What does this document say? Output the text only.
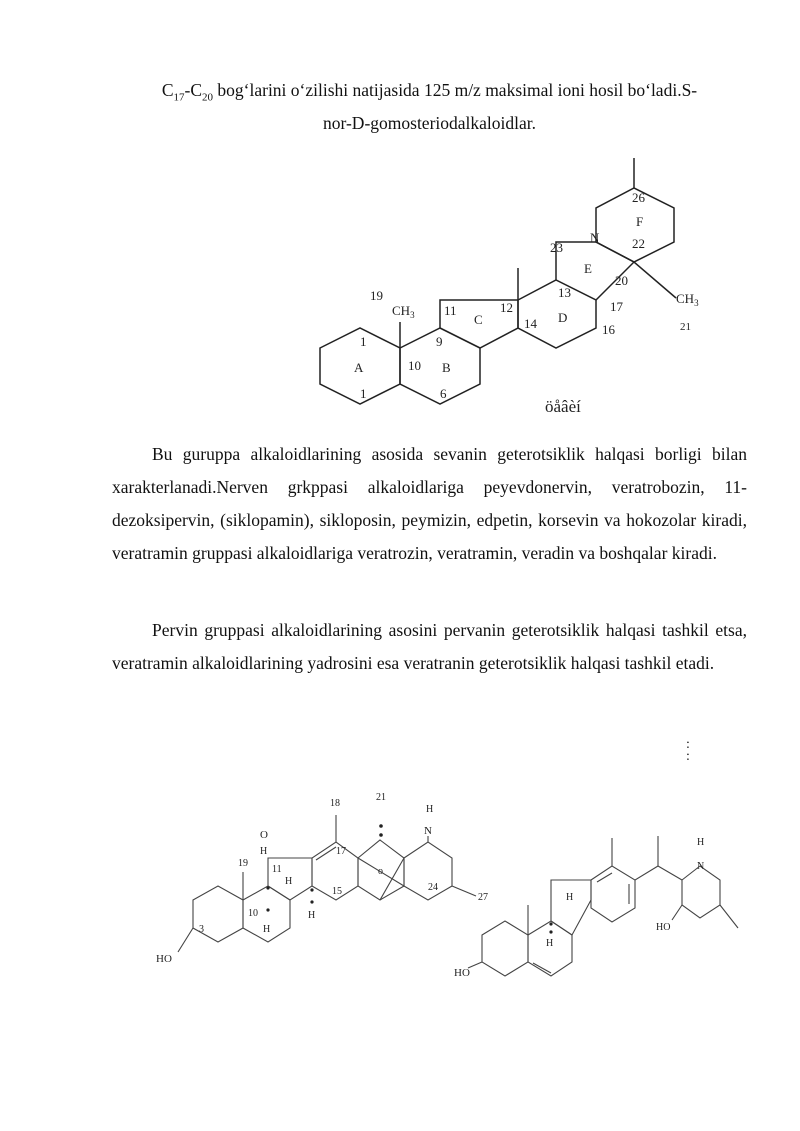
$C_{17}-C_{20}$ bog‘larini o‘zilishi natijasida 125 m/z maksimal ioni hosil bo‘ladi.S-

nor-D-gomosteriodalkaloidlar.

19
$CH_3$ 11
C
12
13
14 D
17
16
20
E
23
N	22
F
26
$CH_3$
21
1	9
10
A	B
1	6
öåâèí

Bu guruppa alkaloidlarining asosida sevanin geterotsiklik halqasi borligi bilan xarakterlanadi.Nerven grkppasi alkaloidlariga peyevdonervin, veratrobozin, 11-dezoksipervin, (siklopamin), sikloposin, peymizin, edpetin, korsevin va hokozolar kiradi, veratramin gruppasi alkaloidlariga veratrozin, veratramin, veradin va boshqalar kiradi.

Pervin gruppasi alkaloidlarining asosini pervanin geterotsiklik halqasi tashkil etsa, veratramin alkaloidlarining yadrosini esa veratranin geterotsiklik halqasi tashkil etadi.

:
:
HO
3
19
10
H
11
H
O
H
18
17
15
H
21
H
N
o
24
27
HO
H
H
N
H
HO
